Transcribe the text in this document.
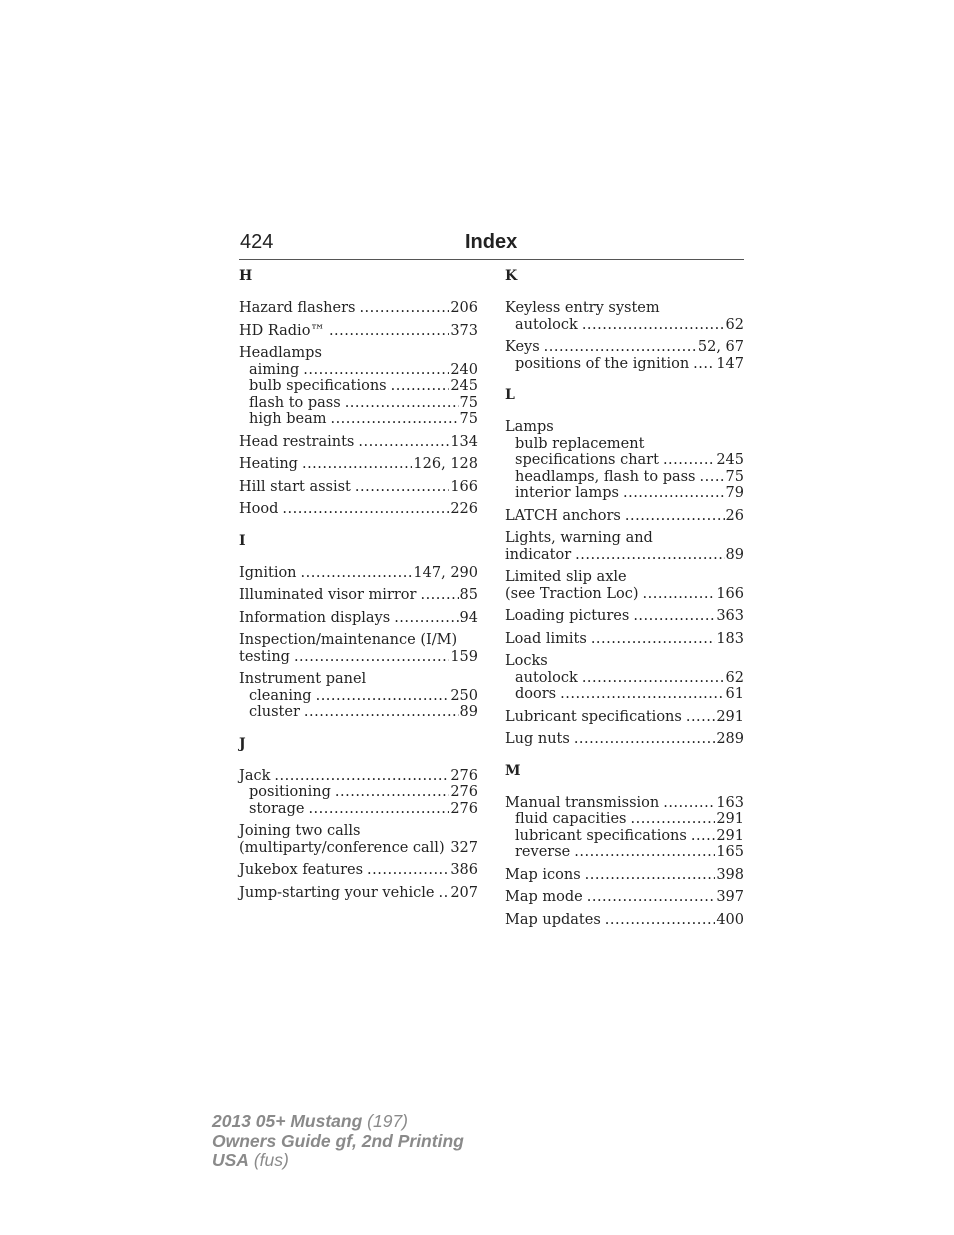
424	Index
H
Hazard flashers .....	206
HD Radio™ .....	373
Headlamps
aiming .....	240
bulb specifications .....	245
flash to pass .....	75
high beam .....	75
Head restraints .....	134
Heating .....	126, 128
Hill start assist .....	166
Hood .....	226
I
Ignition .....	147, 290
Illuminated visor mirror .....	85
Information displays .....	94
Inspection/maintenance (I/M)
testing .....	159
Instrument panel
cleaning .....	250
cluster .....	89
J
Jack .....	276
positioning .....	276
storage .....	276
Joining two calls
(multiparty/conference call) ..... 327
Jukebox features .....	386
Jump-starting your vehicle ..... 207
K
Keyless entry system
autolock .....	62
Keys .....	52, 67
positions of the ignition ..... 147
L
Lamps
bulb replacement
specifications chart .....	245
headlamps, flash to pass ..... 75
interior lamps .....	79
LATCH anchors .....	26
Lights, warning and
indicator .....	89
Limited slip axle
(see Traction Loc) .....	166
Loading pictures .....	363
Load limits .....	183
Locks
autolock .....	62
doors .....	61
Lubricant specifications ..... 291
Lug nuts .....	289
M
Manual transmission .....	163
fluid capacities .....	291
lubricant specifications ..... 291
reverse .....	165
Map icons .....	398
Map mode .....	397
Map updates .....	400
2013 05+ Mustang (197)
Owners Guide gf, 2nd Printing
USA (fus)
